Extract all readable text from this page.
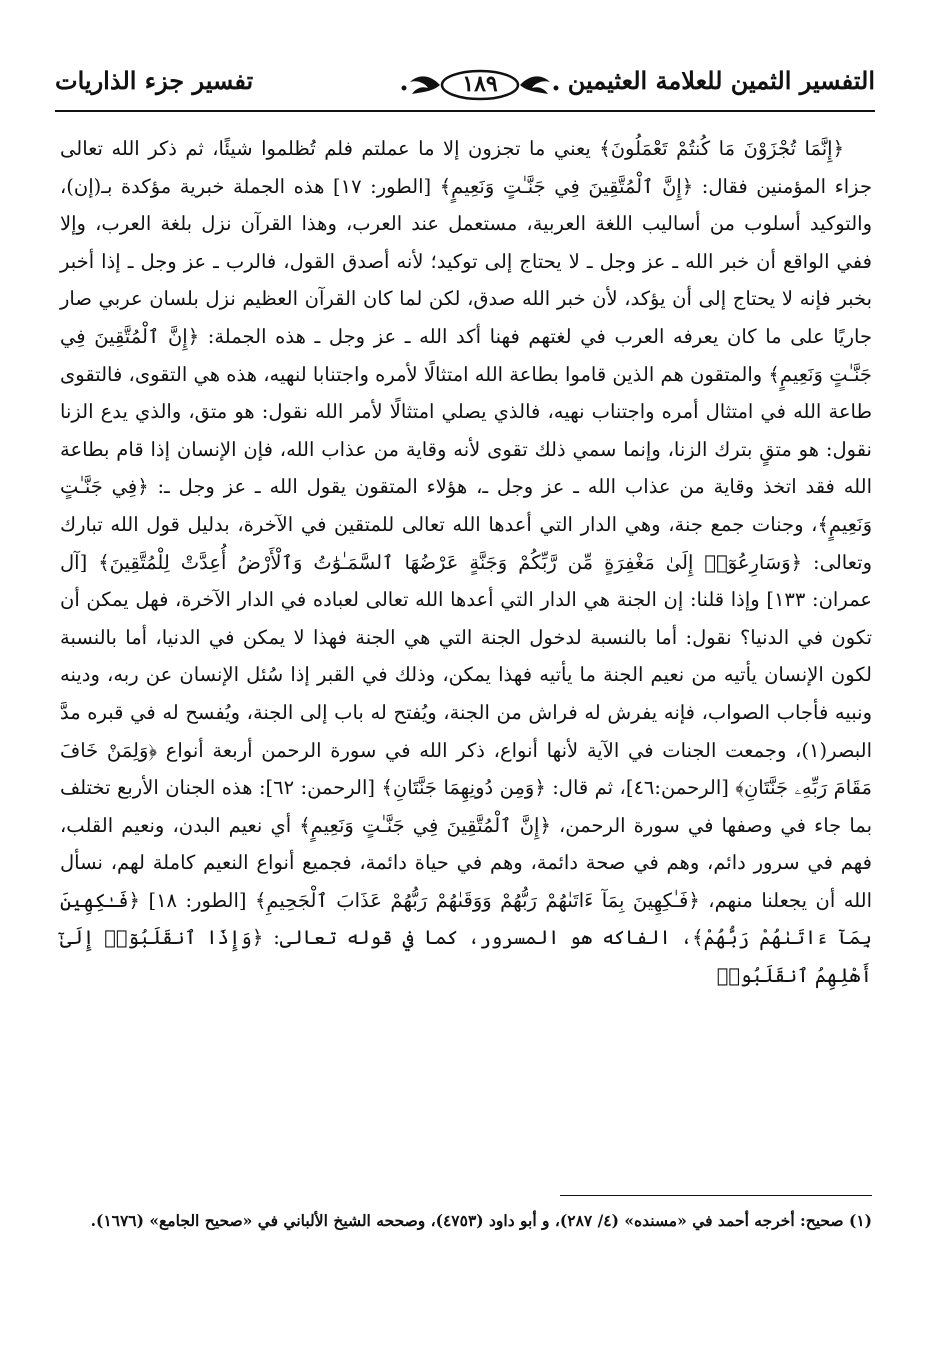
التفسير الثمين للعلامة العثيمين
١٨٩
تفسير جزء الذاريات

﴿إِنَّمَا تُجْزَوْنَ مَا كُنتُمْ تَعْمَلُونَ﴾ يعني ما تجزون إلا ما عملتم فلم تُظلموا شيئًا، ثم ذكر الله تعالى جزاء المؤمنين فقال: ﴿إِنَّ ٱلْمُتَّقِينَ فِي جَنَّـٰتٍ وَنَعِيمٍ﴾ [الطور: ١٧] هذه الجملة خبرية مؤكدة بـ(إن)، والتوكيد أسلوب من أساليب اللغة العربية، مستعمل عند العرب، وهذا القرآن نزل بلغة العرب، وإلا ففي الواقع أن خبر الله ـ عز وجل ـ لا يحتاج إلى توكيد؛ لأنه أصدق القول، فالرب ـ عز وجل ـ إذا أخبر بخبر فإنه لا يحتاج إلى أن يؤكد، لأن خبر الله صدق، لكن لما كان القرآن العظيم نزل بلسان عربي صار جاريًا على ما كان يعرفه العرب في لغتهم فهنا أكد الله ـ عز وجل ـ هذه الجملة: ﴿إِنَّ ٱلْمُتَّقِينَ فِي جَنَّـٰتٍ وَنَعِيمٍ﴾ والمتقون هم الذين قاموا بطاعة الله امتثالًا لأمره واجتنابا لنهيه، هذه هي التقوى، فالتقوى طاعة الله في امتثال أمره واجتناب نهيه، فالذي يصلي امتثالًا لأمر الله نقول: هو متق، والذي يدع الزنا نقول: هو متقٍ بترك الزنا، وإنما سمي ذلك تقوى لأنه وقاية من عذاب الله، فإن الإنسان إذا قام بطاعة الله فقد اتخذ وقاية من عذاب الله ـ عز وجل ـ، هؤلاء المتقون يقول الله ـ عز وجل ـ: ﴿فِي جَنَّـٰتٍ وَنَعِيمٍ﴾، وجنات جمع جنة، وهي الدار التي أعدها الله تعالى للمتقين في الآخرة، بدليل قول الله تبارك وتعالى: ﴿وَسَارِعُوٓا۟ إِلَىٰ مَغْفِرَةٍ مِّن رَّبِّكُمْ وَجَنَّةٍ عَرْضُهَا ٱلسَّمَـٰوَٰتُ وَٱلْأَرْضُ أُعِدَّتْ لِلْمُتَّقِينَ﴾ [آل عمران: ١٣٣] وإذا قلنا: إن الجنة هي الدار التي أعدها الله تعالى لعباده في الدار الآخرة، فهل يمكن أن تكون في الدنيا؟ نقول: أما بالنسبة لدخول الجنة التي هي الجنة فهذا لا يمكن في الدنيا، أما بالنسبة لكون الإنسان يأتيه من نعيم الجنة ما يأتيه فهذا يمكن، وذلك في القبر إذا سُئل الإنسان عن ربه، ودينه ونبيه فأجاب الصواب، فإنه يفرش له فراش من الجنة، ويُفتح له باب إلى الجنة، ويُفسح له في قبره مدَّ البصر(١)، وجمعت الجنات في الآية لأنها أنواع، ذكر الله في سورة الرحمن أربعة أنواع ﴿وَلِمَنْ خَافَ مَقَامَ رَبِّهِۦ جَنَّتَانِ﴾ [الرحمن:٤٦]، ثم قال: ﴿وَمِن دُونِهِمَا جَنَّتَانِ﴾ [الرحمن: ٦٢]: هذه الجنان الأربع تختلف بما جاء في وصفها في سورة الرحمن، ﴿إِنَّ ٱلْمُتَّقِينَ فِي جَنَّـٰتٍ وَنَعِيمٍ﴾ أي نعيم البدن، ونعيم القلب، فهم في سرور دائم، وهم في صحة دائمة، وهم في حياة دائمة، فجميع أنواع النعيم كاملة لهم، نسأل الله أن يجعلنا منهم، ﴿فَـٰكِهِينَ بِمَآ ءَاتَىٰهُمْ رَبُّهُمْ وَوَقَىٰهُمْ رَبُّهُمْ عَذَابَ ٱلْجَحِيمِ﴾ [الطور: ١٨] ﴿فَـٰكِهِينَ بِمَآ ءَاتَىٰهُمْ رَبُّهُمْ﴾، الفاكه هو المسرور، كما في قوله تعالى: ﴿وَإِذَا ٱنقَلَبُوٓا۟ إِلَىٰٓ أَهْلِهِمُ ٱنقَلَبُوا۟

(١) صحيح: أخرجه أحمد في «مسنده» (٤/ ٢٨٧)، و أبو داود (٤٧٥٣)، وصححه الشيخ الألباني في «صحيح الجامع» (١٦٧٦).
